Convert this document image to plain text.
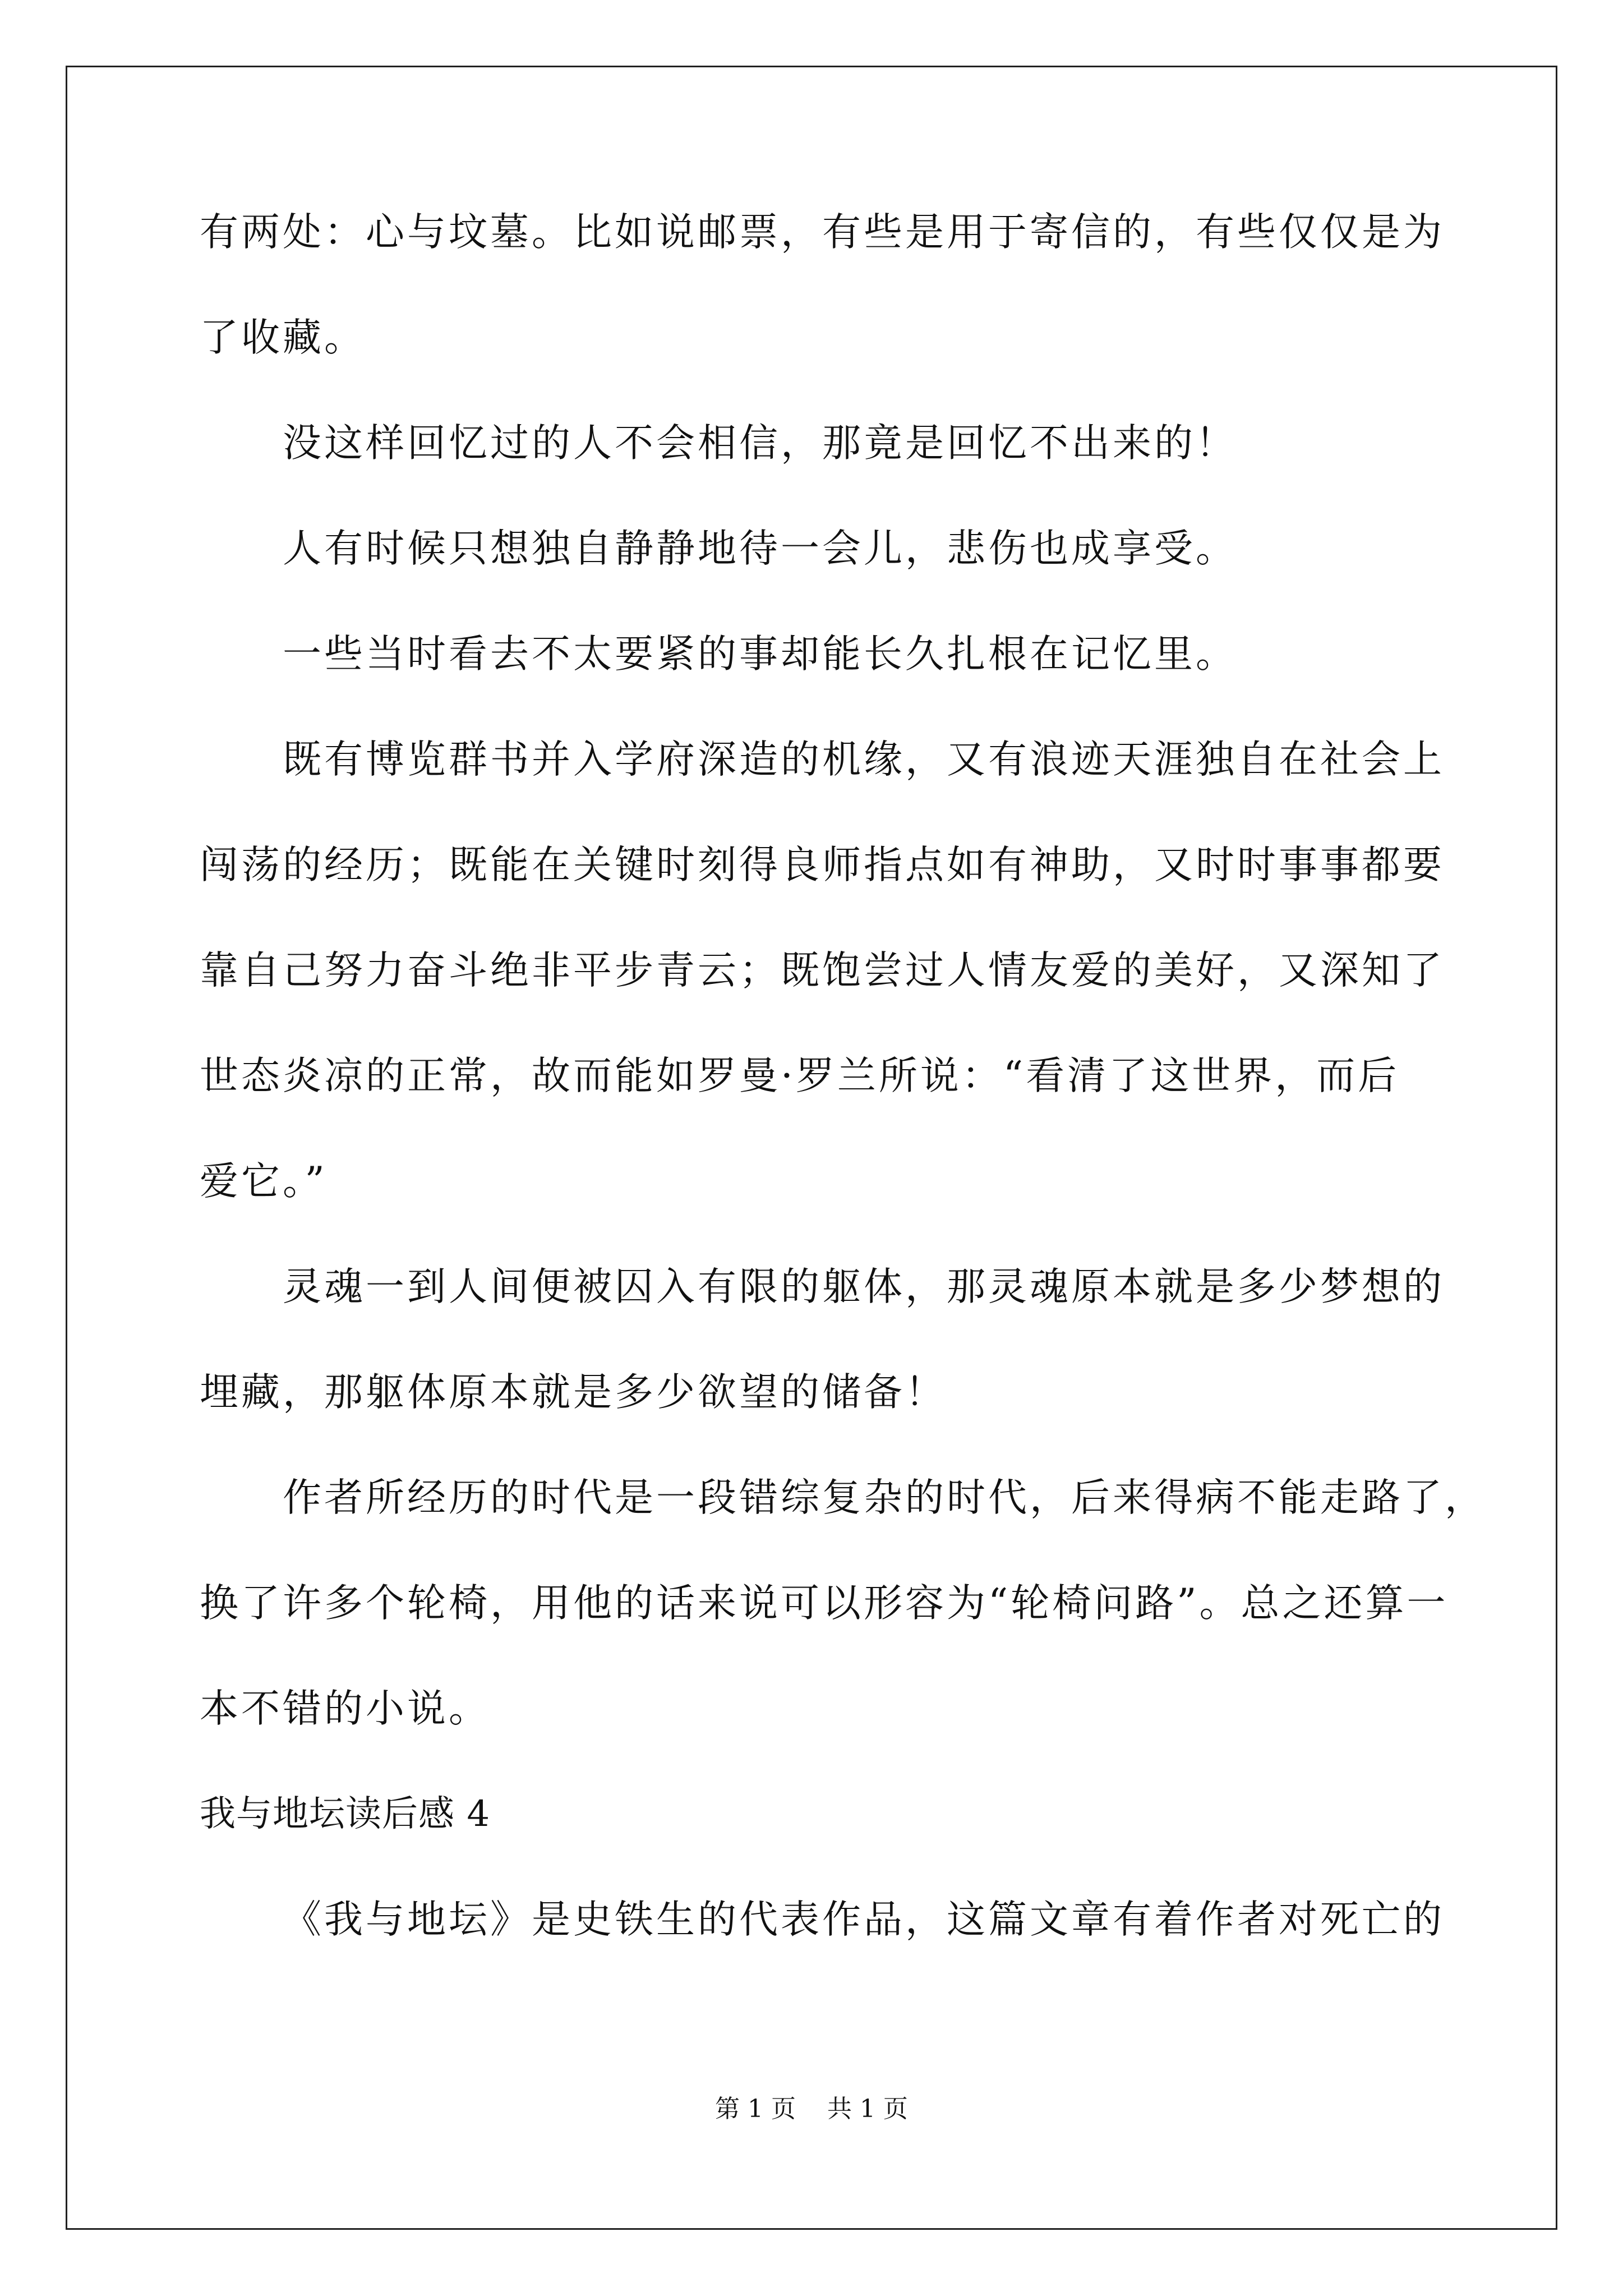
有两处：心与坟墓。比如说邮票，有些是用于寄信的，有些仅仅是为
了收藏。
没这样回忆过的人不会相信，那竟是回忆不出来的！
人有时候只想独自静静地待一会儿，悲伤也成享受。
一些当时看去不太要紧的事却能长久扎根在记忆里。
既有博览群书并入学府深造的机缘，又有浪迹天涯独自在社会上
闯荡的经历；既能在关键时刻得良师指点如有神助，又时时事事都要
靠自己努力奋斗绝非平步青云；既饱尝过人情友爱的美好，又深知了
世态炎凉的正常，故而能如罗曼·罗兰所说：“看清了这世界，而后
爱它。”
灵魂一到人间便被囚入有限的躯体，那灵魂原本就是多少梦想的
埋藏，那躯体原本就是多少欲望的储备！
作者所经历的时代是一段错综复杂的时代，后来得病不能走路了，
换了许多个轮椅，用他的话来说可以形容为“轮椅问路”。总之还算一
本不错的小说。
我与地坛读后感 4
《我与地坛》是史铁生的代表作品，这篇文章有着作者对死亡的
第 1 页    共 1 页
